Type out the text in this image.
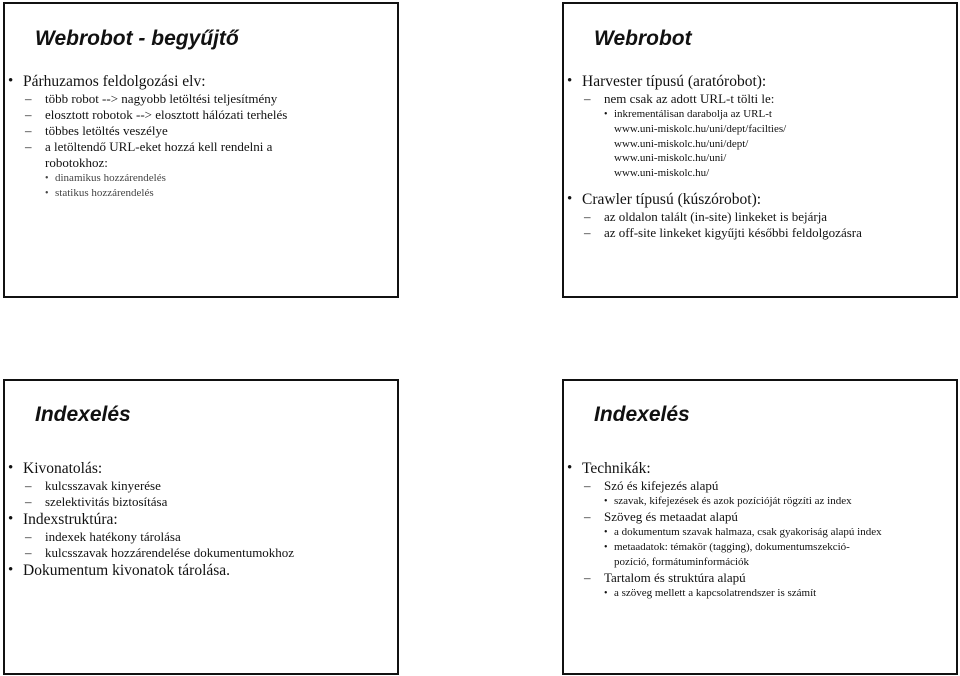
Webrobot - begyűjtő
• Párhuzamos feldolgozási elv:
– több robot --> nagyobb letöltési teljesítmény
– elosztott robotok --> elosztott hálózati terhelés
– többes letöltés veszélye
– a letöltendő URL-eket hozzá kell rendelni a
robotokhoz:
• dinamikus hozzárendelés
• statikus hozzárendelés
Webrobot
• Harvester típusú (aratórobot):
– nem csak az adott URL-t tölti le:
• inkrementálisan darabolja az URL-t
www.uni-miskolc.hu/uni/dept/facilties/
www.uni-miskolc.hu/uni/dept/
www.uni-miskolc.hu/uni/
www.uni-miskolc.hu/
• Crawler típusú (kúszórobot):
– az oldalon talált (in-site) linkeket is bejárja
– az off-site linkeket kigyűjti későbbi feldolgozásra
Indexelés
• Kivonatolás:
– kulcsszavak kinyerése
– szelektivitás biztosítása
• Indexstruktúra:
– indexek hatékony tárolása
– kulcsszavak hozzárendelése dokumentumokhoz
• Dokumentum kivonatok tárolása.
Indexelés
• Technikák:
– Szó és kifejezés alapú
• szavak, kifejezések és azok pozícióját rögzíti az index
– Szöveg és metaadat alapú
• a dokumentum szavak halmaza, csak gyakoriság alapú index
• metaadatok: témakör (tagging), dokumentumszekció-
pozíció, formátuminformációk
– Tartalom és struktúra alapú
• a szöveg mellett a kapcsolatrendszer is számít
